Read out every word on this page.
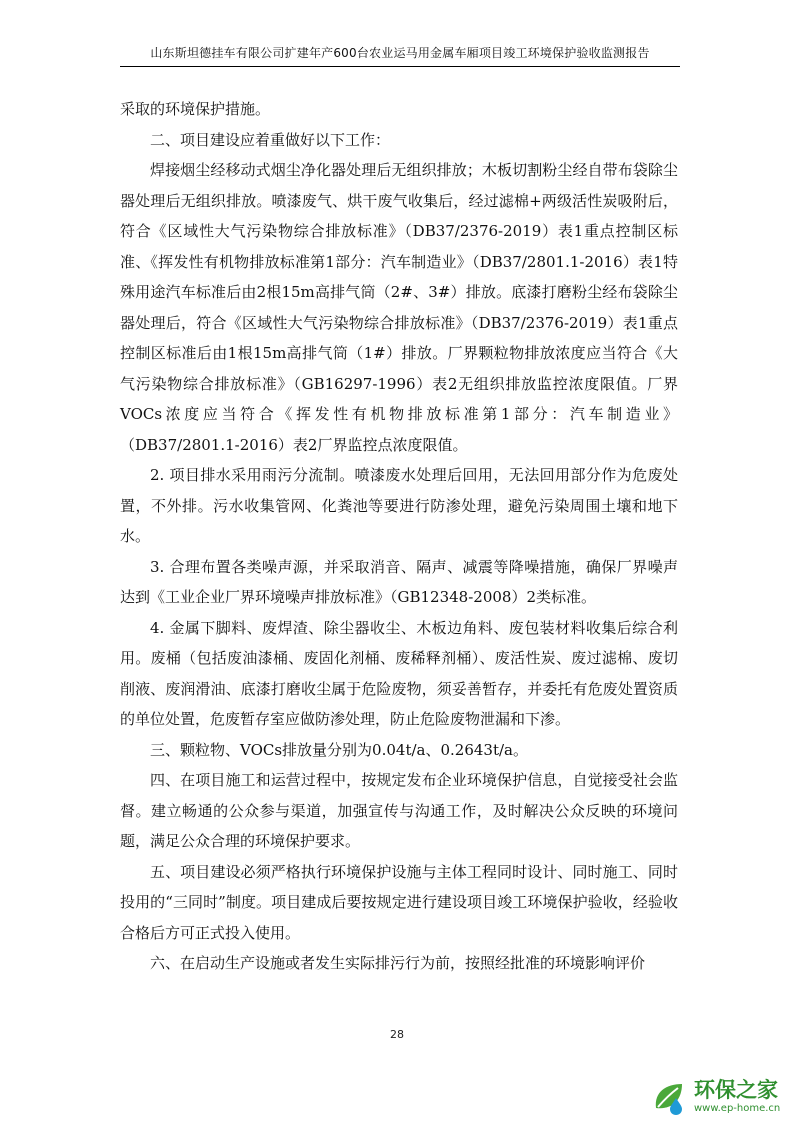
山东斯坦德挂车有限公司扩建年产600台农业运马用金属车厢项目竣工环境保护验收监测报告

采取的环境保护措施。

二、项目建设应着重做好以下工作：

焊接烟尘经移动式烟尘净化器处理后无组织排放；木板切割粉尘经自带布袋除尘器处理后无组织排放。喷漆废气、烘干废气收集后，经过滤棉+两级活性炭吸附后，符合《区域性大气污染物综合排放标准》（DB37/2376-2019）表1重点控制区标准、《挥发性有机物排放标准第1部分：汽车制造业》（DB37/2801.1-2016）表1特殊用途汽车标准后由2根15m高排气筒（2#、3#）排放。底漆打磨粉尘经布袋除尘器处理后，符合《区域性大气污染物综合排放标准》（DB37/2376-2019）表1重点控制区标准后由1根15m高排气筒（1#）排放。厂界颗粒物排放浓度应当符合《大气污染物综合排放标准》（GB16297-1996）表2无组织排放监控浓度限值。厂界VOCs浓度应当符合《挥发性有机物排放标准第1部分：汽车制造业》（DB37/2801.1-2016）表2厂界监控点浓度限值。

2. 项目排水采用雨污分流制。喷漆废水处理后回用，无法回用部分作为危废处置，不外排。污水收集管网、化粪池等要进行防渗处理，避免污染周围土壤和地下水。

3. 合理布置各类噪声源，并采取消音、隔声、减震等降噪措施，确保厂界噪声达到《工业企业厂界环境噪声排放标准》（GB12348-2008）2类标准。

4. 金属下脚料、废焊渣、除尘器收尘、木板边角料、废包装材料收集后综合利用。废桶（包括废油漆桶、废固化剂桶、废稀释剂桶）、废活性炭、废过滤棉、废切削液、废润滑油、底漆打磨收尘属于危险废物，须妥善暂存，并委托有危废处置资质的单位处置，危废暂存室应做防渗处理，防止危险废物泄漏和下渗。

三、颗粒物、VOCs排放量分别为0.04t/a、0.2643t/a。

四、在项目施工和运营过程中，按规定发布企业环境保护信息，自觉接受社会监督。建立畅通的公众参与渠道，加强宣传与沟通工作，及时解决公众反映的环境问题，满足公众合理的环境保护要求。

五、项目建设必须严格执行环境保护设施与主体工程同时设计、同时施工、同时投用的“三同时”制度。项目建成后要按规定进行建设项目竣工环境保护验收，经验收合格后方可正式投入使用。

六、在启动生产设施或者发生实际排污行为前，按照经批准的环境影响评价

28
环保之家
www.ep-home.cn
